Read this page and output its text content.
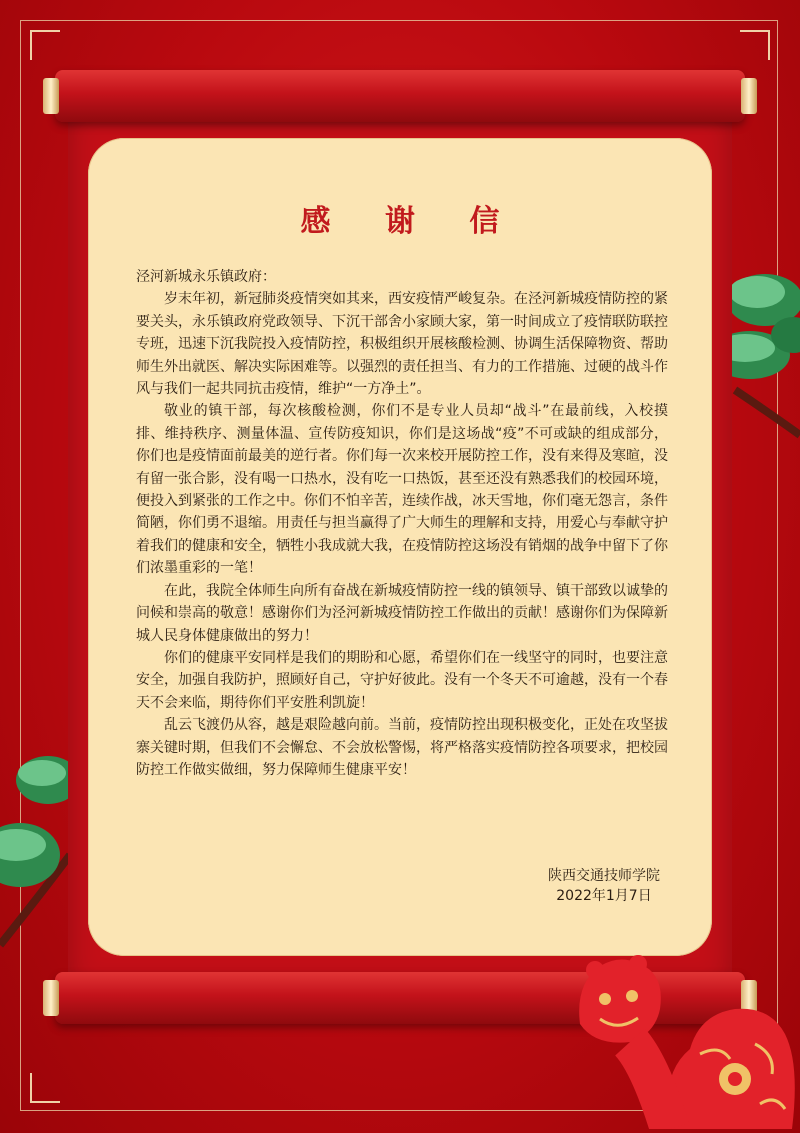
感 谢 信

泾河新城永乐镇政府：

岁末年初，新冠肺炎疫情突如其来，西安疫情严峻复杂。在泾河新城疫情防控的紧要关头，永乐镇政府党政领导、下沉干部舍小家顾大家，第一时间成立了疫情联防联控专班，迅速下沉我院投入疫情防控，积极组织开展核酸检测、协调生活保障物资、帮助师生外出就医、解决实际困难等。以强烈的责任担当、有力的工作措施、过硬的战斗作风与我们一起共同抗击疫情，维护“一方净土”。

敬业的镇干部，每次核酸检测，你们不是专业人员却“战斗”在最前线，入校摸排、维持秩序、测量体温、宣传防疫知识，你们是这场战“疫”不可或缺的组成部分，你们也是疫情面前最美的逆行者。你们每一次来校开展防控工作，没有来得及寒暄，没有留一张合影，没有喝一口热水，没有吃一口热饭，甚至还没有熟悉我们的校园环境，便投入到紧张的工作之中。你们不怕辛苦，连续作战，冰天雪地，你们毫无怨言，条件简陋，你们勇不退缩。用责任与担当赢得了广大师生的理解和支持，用爱心与奉献守护着我们的健康和安全，牺牲小我成就大我，在疫情防控这场没有销烟的战争中留下了你们浓墨重彩的一笔！

在此，我院全体师生向所有奋战在新城疫情防控一线的镇领导、镇干部致以诚挚的问候和崇高的敬意！感谢你们为泾河新城疫情防控工作做出的贡献！感谢你们为保障新城人民身体健康做出的努力！

你们的健康平安同样是我们的期盼和心愿，希望你们在一线坚守的同时，也要注意安全，加强自我防护，照顾好自己，守护好彼此。没有一个冬天不可逾越，没有一个春天不会来临，期待你们平安胜利凯旋！

乱云飞渡仍从容，越是艰险越向前。当前，疫情防控出现积极变化，正处在攻坚拔寨关键时期，但我们不会懈怠、不会放松警惕，将严格落实疫情防控各项要求，把校园防控工作做实做细，努力保障师生健康平安！

陕西交通技师学院
2022年1月7日
